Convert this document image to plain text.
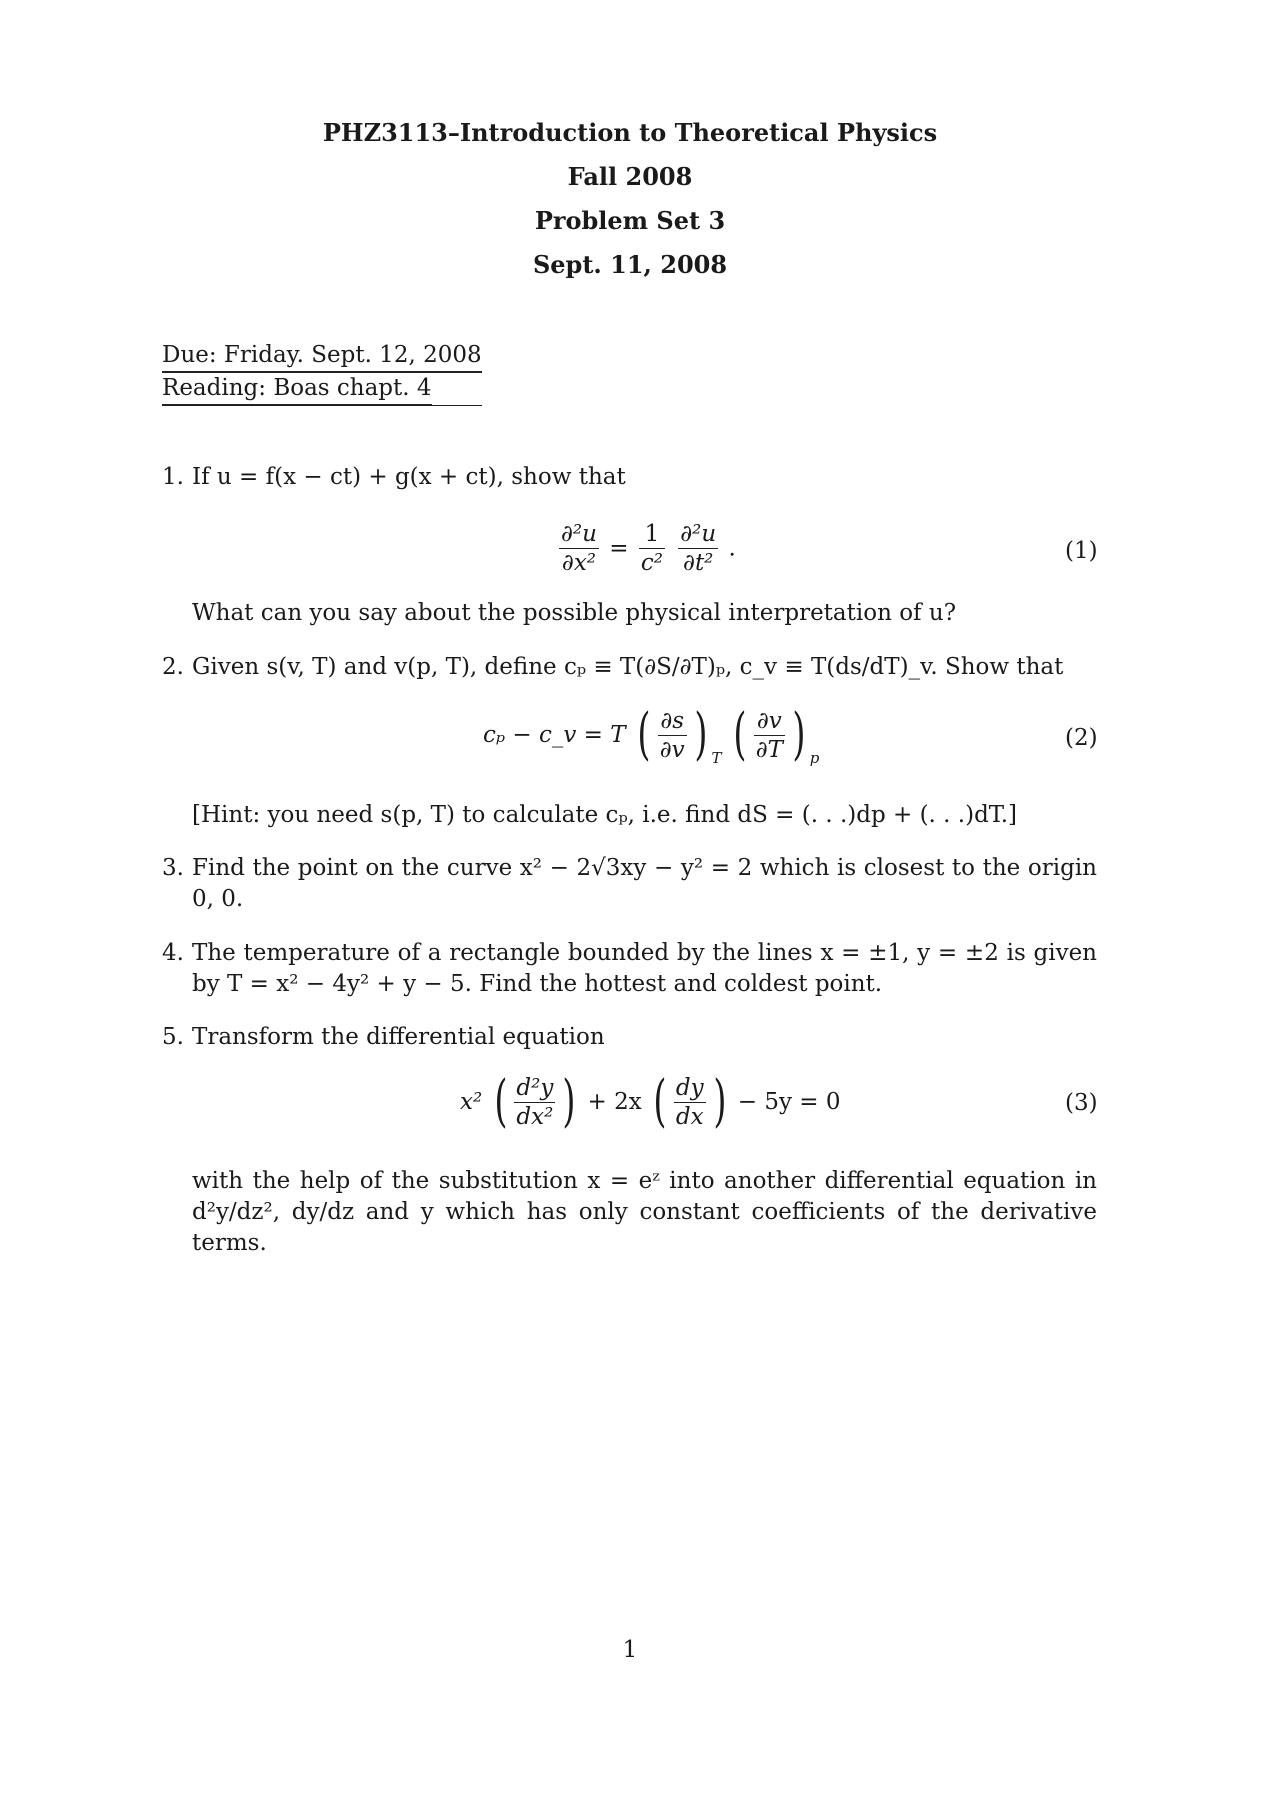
PHZ3113–Introduction to Theoretical Physics
Fall 2008
Problem Set 3
Sept. 11, 2008
Due: Friday. Sept. 12, 2008
Reading: Boas chapt. 4
1. If u = f(x − ct) + g(x + ct), show that
$\frac{\text{∂²u}}{\text{∂x²}} = \frac{1}{\text{c²}}$
$\frac{\text{∂²u}}{\text{∂t²}}$ .	(1)
What can you say about the possible physical interpretation of u?
2. Given s(v, T) and v(p, T), define cₚ ≡ T(∂S/∂T)ₚ, c_v ≡ T(ds/dT)_v. Show that
cₚ − c_v = T ( $\frac{\partial s}{\partial v}$ ) $_T$ ( $\frac{\partial v}{\partial T}$ ) $_p$
(2)
[Hint: you need s(p, T) to calculate cₚ, i.e. find dS = (. . .)dp + (. . .)dT.]
3. Find the point on the curve x² − 2√3xy − y² = 2 which is closest to the origin 0, 0.
4. The temperature of a rectangle bounded by the lines x = ±1, y = ±2 is given by T = x² − 4y² + y − 5. Find the hottest and coldest point.
5. Transform the differential equation
x² ( $\frac{\text{d²y}}{\text{dx²}}$ ) + 2x ( $\frac{dy}{dx}$ ) − 5y = 0	(3)
with the help of the substitution x = eᶻ into another differential equation in d²y/dz², dy/dz and y which has only constant coefficients of the derivative terms.
1
